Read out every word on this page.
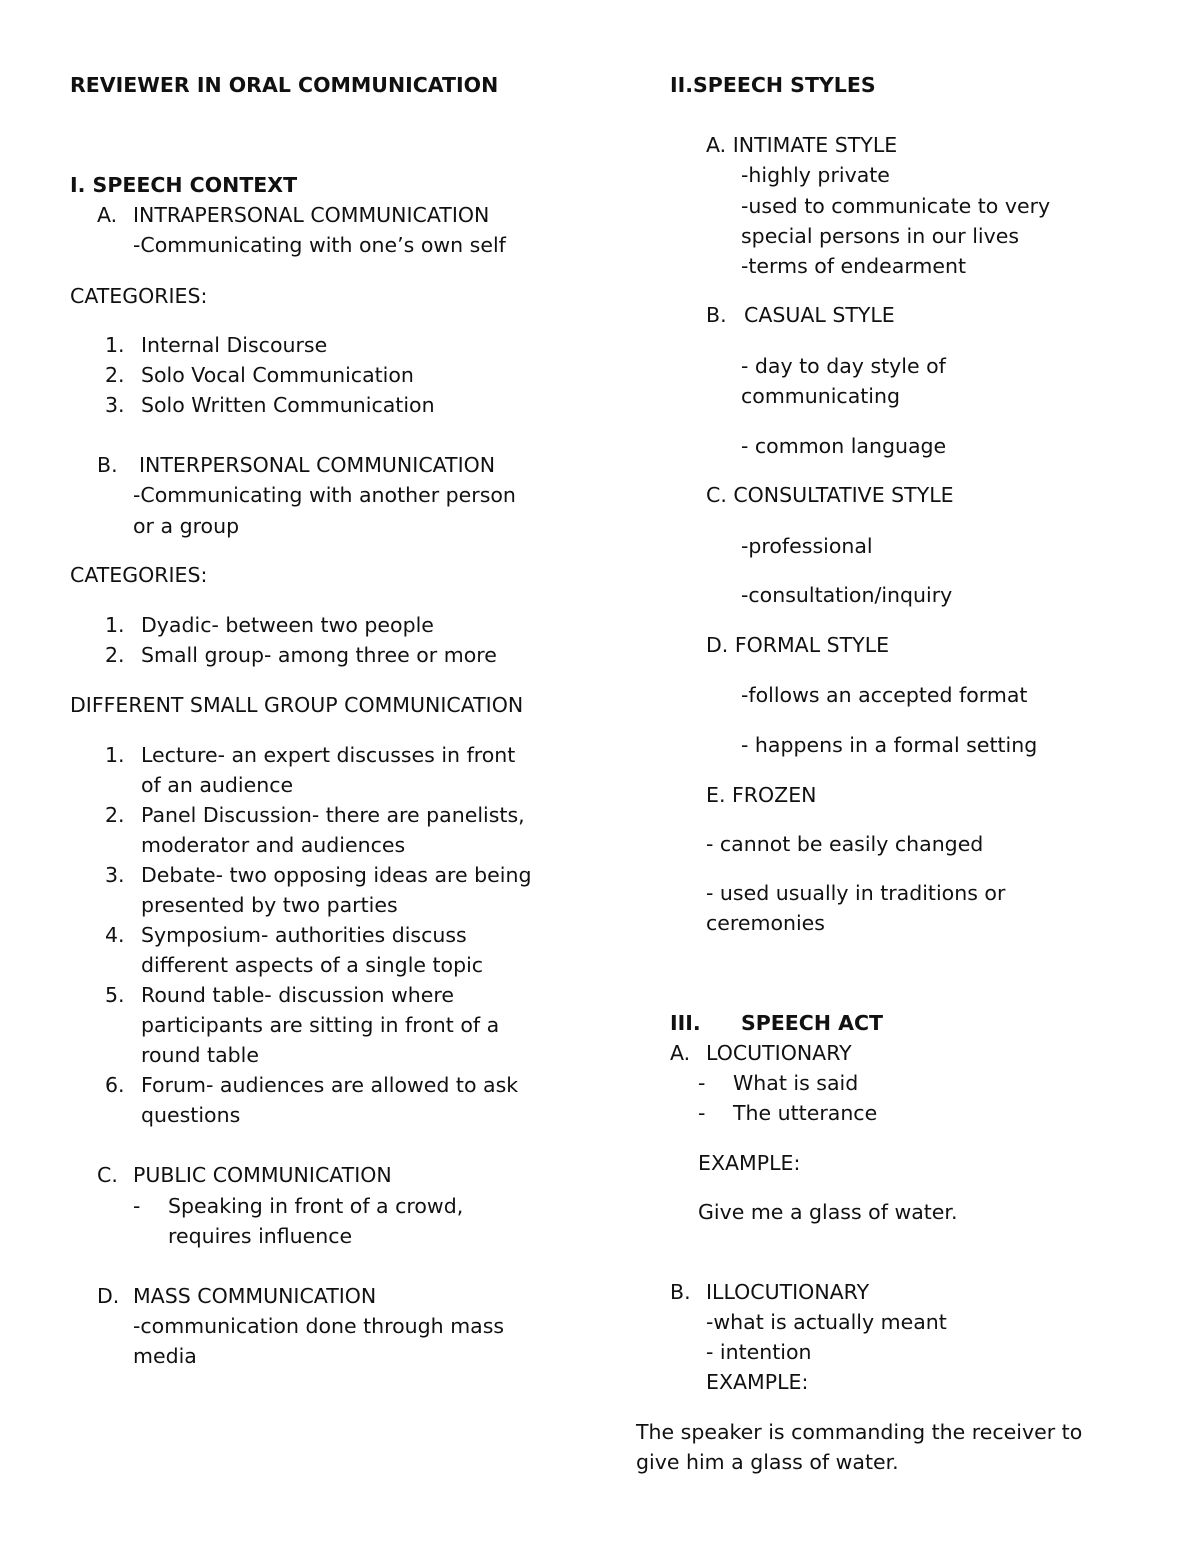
REVIEWER IN ORAL COMMUNICATION
I. SPEECH CONTEXT
A. INTRAPERSONAL COMMUNICATION
-Communicating with one’s own self
CATEGORIES:
1. Internal Discourse
2. Solo Vocal Communication
3. Solo Written Communication
B. INTERPERSONAL COMMUNICATION
-Communicating with another person
or a group
CATEGORIES:
1. Dyadic- between two people
2. Small group- among three or more
DIFFERENT SMALL GROUP COMMUNICATION
1. Lecture- an expert discusses in front
of an audience
2. Panel Discussion- there are panelists,
moderator and audiences
3. Debate- two opposing ideas are being
presented by two parties
4. Symposium- authorities discuss
different aspects of a single topic
5. Round table- discussion where
participants are sitting in front of a
round table
6. Forum- audiences are allowed to ask
questions
C. PUBLIC COMMUNICATION
- Speaking in front of a crowd,
requires influence
D. MASS COMMUNICATION
-communication done through mass
media
II.SPEECH STYLES
A. INTIMATE STYLE
-highly private
-used to communicate to very
special persons in our lives
-terms of endearment
B. CASUAL STYLE
- day to day style of
communicating
- common language
C. CONSULTATIVE STYLE
-professional
-consultation/inquiry
D. FORMAL STYLE
-follows an accepted format
- happens in a formal setting
E. FROZEN
- cannot be easily changed
- used usually in traditions or
ceremonies
III. SPEECH ACT
A. LOCUTIONARY
- What is said
- The utterance
EXAMPLE:
Give me a glass of water.
B. ILLOCUTIONARY
-what is actually meant
- intention
EXAMPLE:
The speaker is commanding the receiver to
give him a glass of water.
